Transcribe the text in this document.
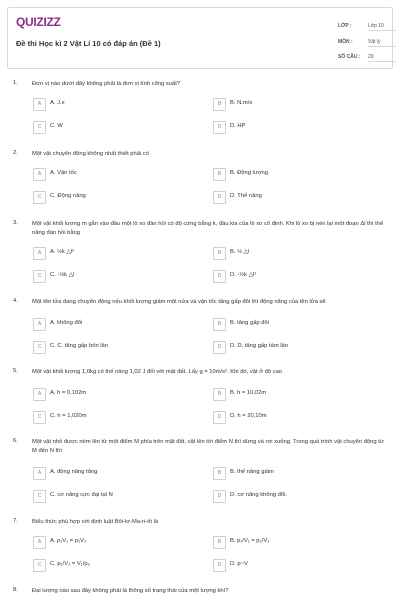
QUIZIZZ
Đề thi Học kì 2 Vật Lí 10 có đáp án (Đề 1)
LỚP :	Lớp 10
MÔN :	Vật lý
SỐ CÂU : 20
1. Đơn vị nào dưới đây không phải là đơn vị tính công suất?
A	A. J.s	B	B. N.m/s
C	C. W	D	D. HP
2. Một vật chuyển động không nhất thiết phải có
A	A. Vận tốc	B	B. Động lượng
C	C. Động năng	D	D. Thế năng
3. Một vật khối lượng m gắn vào đầu một lò xo đàn hồi có độ cứng bằng k, đầu kia của lò xo cố định. Khi lò xo bị nén lại một đoạn Δl thì thế năng đàn hồi bằng
A	A. ½k △l²	B	B. ½ △l
C	C. -½k △l	D	D. -½k △l²
4. Một tên lửa đang chuyển động nếu khối lượng giảm một nửa và vận tốc tăng gấp đôi thì động năng của tên lửa sẽ
A	A. không đổi	B	B. tăng gấp đôi
C	C. C. tăng gấp bốn lần	D	D. D. tăng gấp tám lần
5. Một vật khối lượng 1,0kg có thế năng 1,02 J đối với mặt đất. Lấy g = 10m/s². Khi đó, vật ở độ cao
A	A. h = 0,102m	B	B. h = 10,02m
C	C. h = 1,020m	D	D. h = 20,10m
6. Một vật nhỏ được ném lên từ một điểm M phía trên mặt đất, vật lên tới điểm N thì dừng và rơi xuống. Trong quá trình vật chuyển động từ M đến N thì
A	A. động năng tăng	B	B. thế năng giảm
C	C. cơ năng cực đại tại N	D	D. cơ năng không đổi.
7. Biểu thức phù hợp với định luật Bôi-lơ-Ma-ri-ốt là
A	A. p₁V₁ = p₂V₂	B	B. p₁/V₁ = p₂/V₂
C	C. p₁/V₂ = V₁/p₂	D	D. p~V
8. Đại lượng nào sau đây không phải là thông số trạng thái của một lượng khí?
